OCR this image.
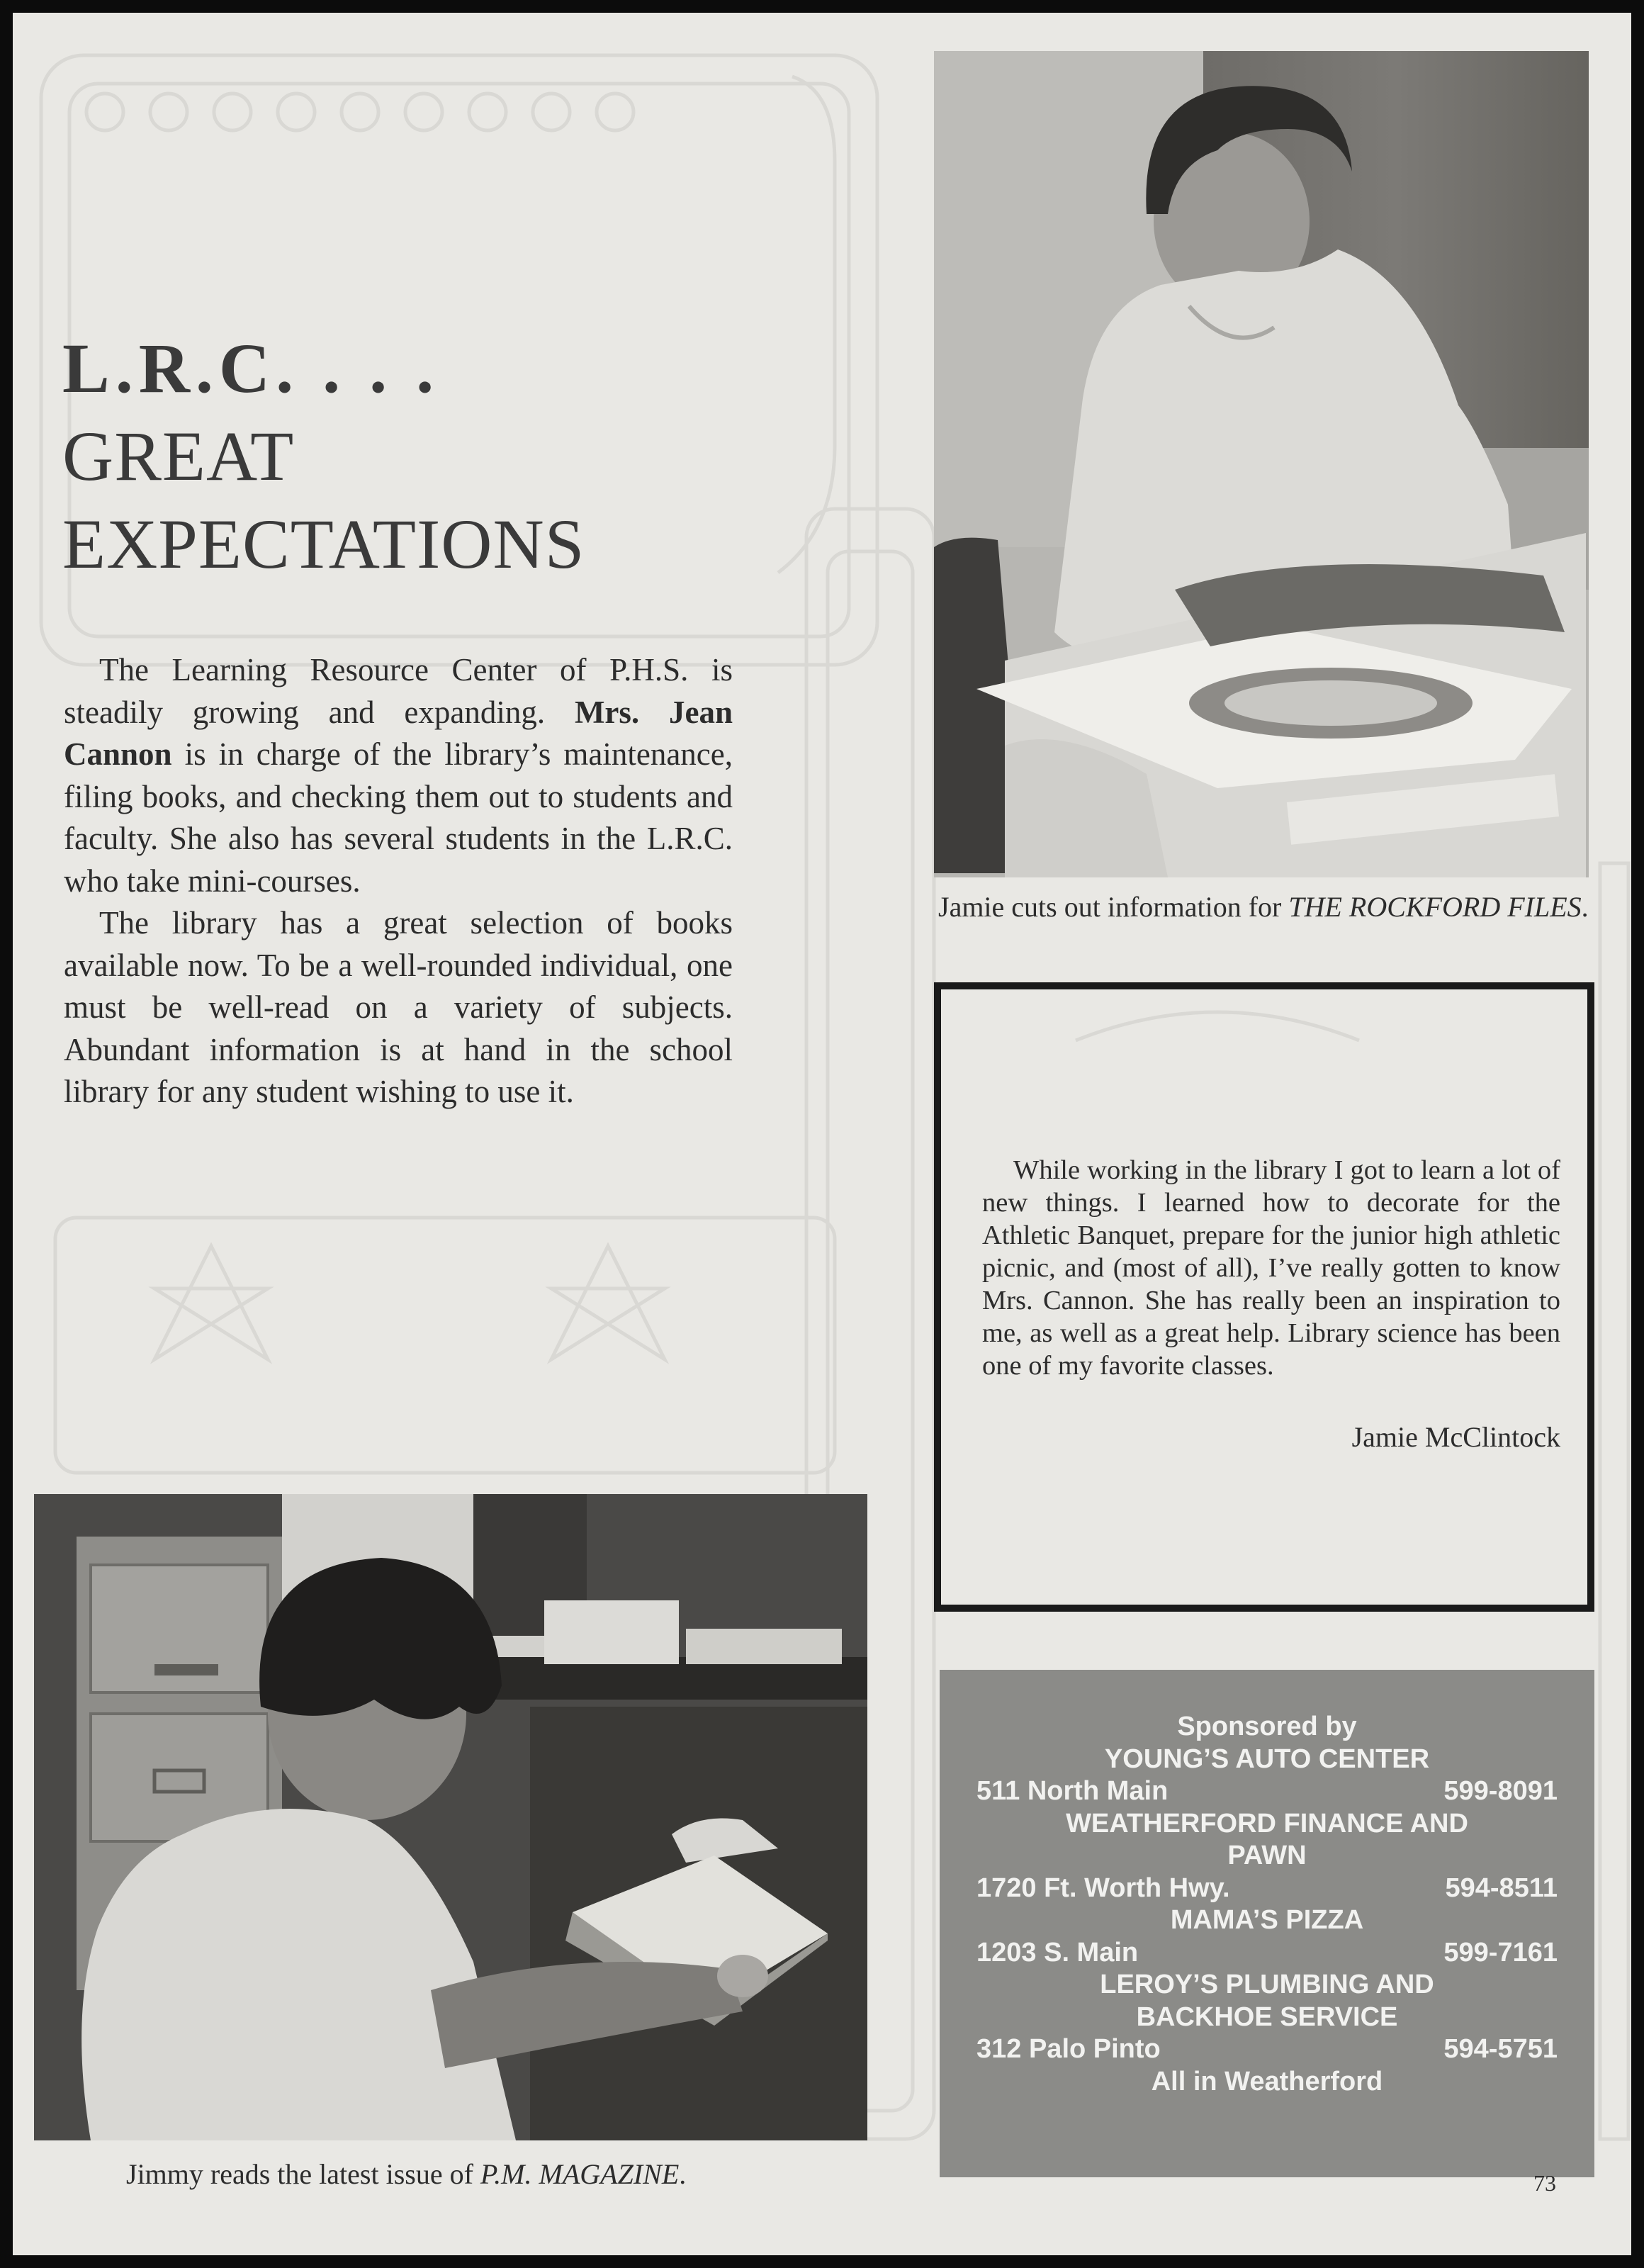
L.R.C. . . .
GREAT
EXPECTATIONS

The Learning Resource Center of P.H.S. is steadily growing and expanding. Mrs. Jean Cannon is in charge of the library’s maintenance, filing books, and checking them out to students and faculty. She also has several students in the L.R.C. who take mini-courses.

The library has a great selection of books available now. To be a well-rounded individual, one must be well-read on a variety of subjects. Abundant information is at hand in the school library for any student wishing to use it.

Jamie cuts out information for THE ROCKFORD FILES.

While working in the library I got to learn a lot of new things. I learned how to decorate for the Athletic Banquet, prepare for the junior high athletic picnic, and (most of all), I’ve really gotten to know Mrs. Cannon. She has really been an inspiration to me, as well as a great help. Library science has been one of my favorite classes.

Jamie McClintock
Jimmy reads the latest issue of P.M. MAGAZINE.
Sponsored by
YOUNG’S AUTO CENTER
511 North Main	599-8091
WEATHERFORD FINANCE AND PAWN
1720 Ft. Worth Hwy.	594-8511
MAMA’S PIZZA
1203 S. Main	599-7161
LEROY’S PLUMBING AND BACKHOE SERVICE
312 Palo Pinto	594-5751
All in Weatherford
73
